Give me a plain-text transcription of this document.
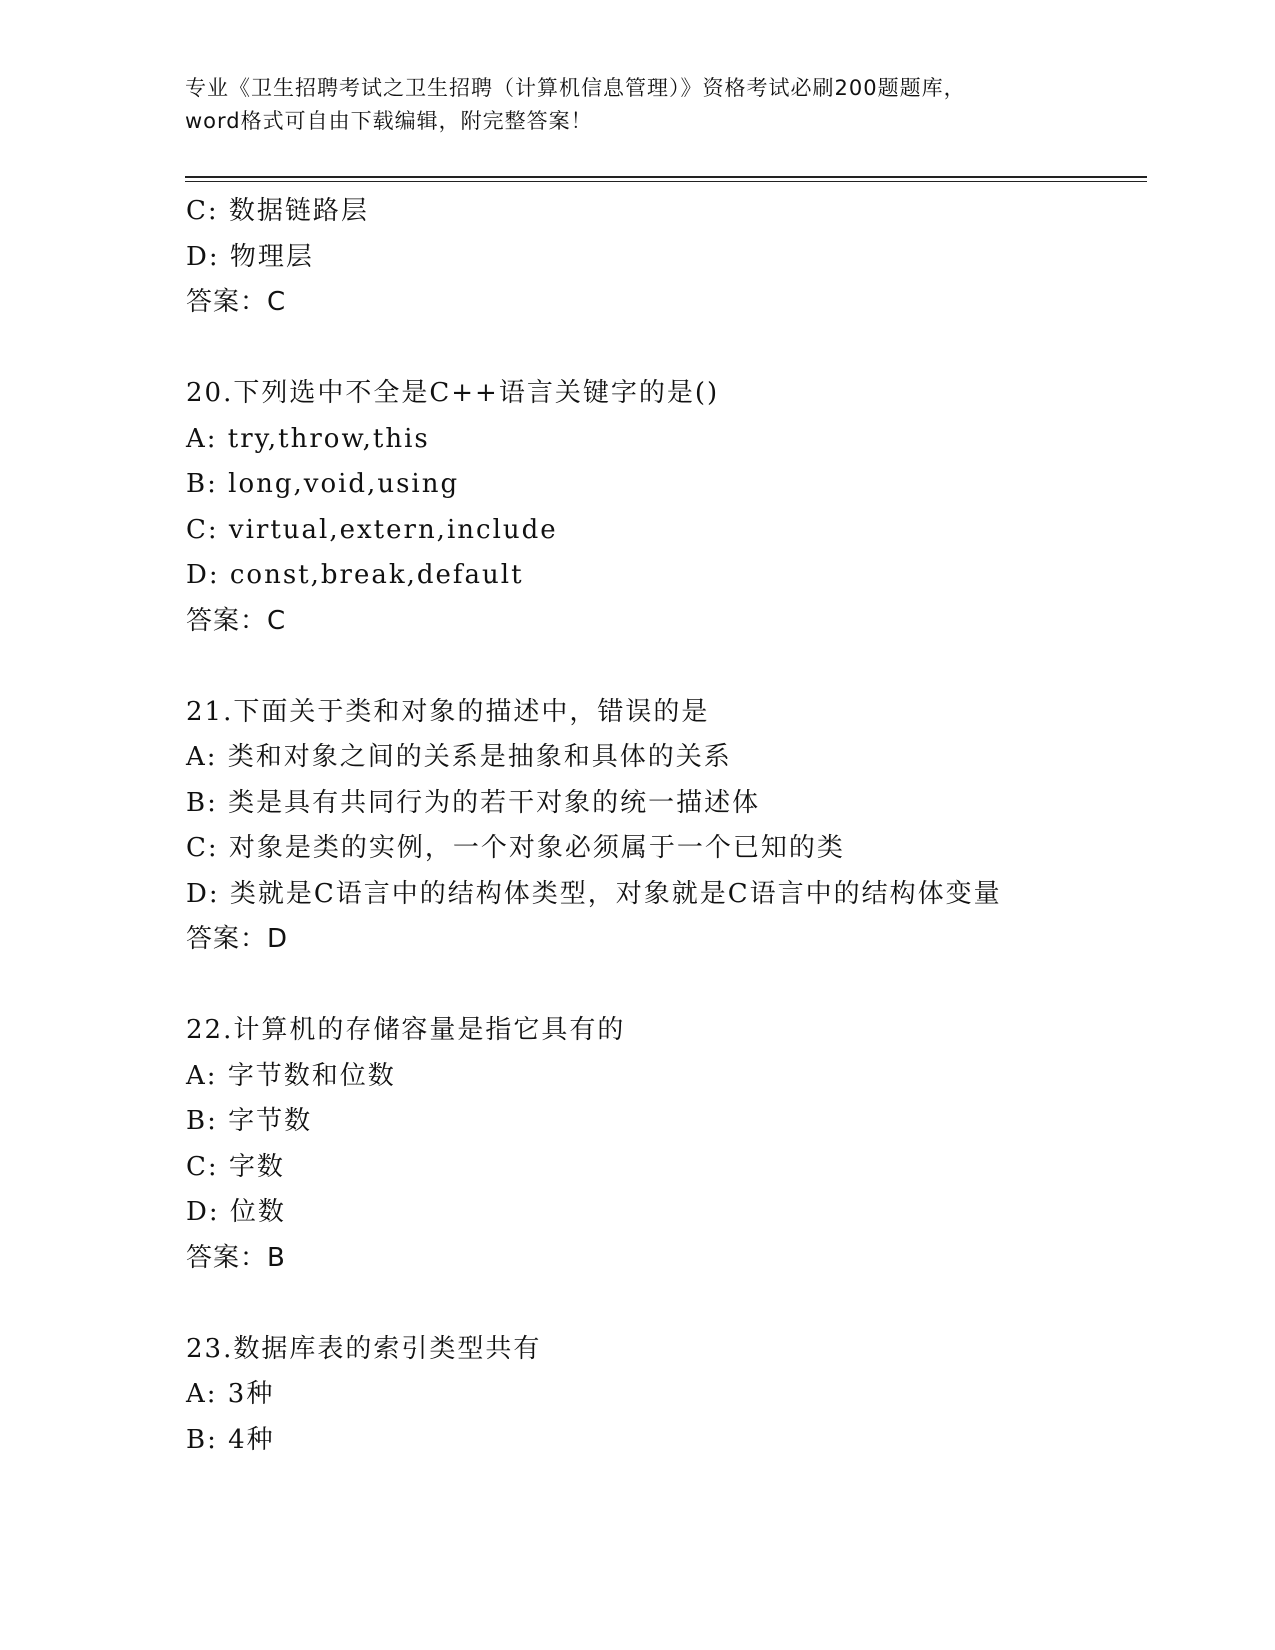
专业《卫生招聘考试之卫生招聘（计算机信息管理）》资格考试必刷200题题库，
word格式可自由下载编辑，附完整答案！
C: 数据链路层
D: 物理层
答案：C
20.下列选中不全是C++语言关键字的是()
A: try,throw,this
B: long,void,using
C: virtual,extern,include
D: const,break,default
答案：C
21.下面关于类和对象的描述中，错误的是
A: 类和对象之间的关系是抽象和具体的关系
B: 类是具有共同行为的若干对象的统一描述体
C: 对象是类的实例，一个对象必须属于一个已知的类
D: 类就是C语言中的结构体类型，对象就是C语言中的结构体变量
答案：D
22.计算机的存储容量是指它具有的
A: 字节数和位数
B: 字节数
C: 字数
D: 位数
答案：B
23.数据库表的索引类型共有
A: 3种
B: 4种
